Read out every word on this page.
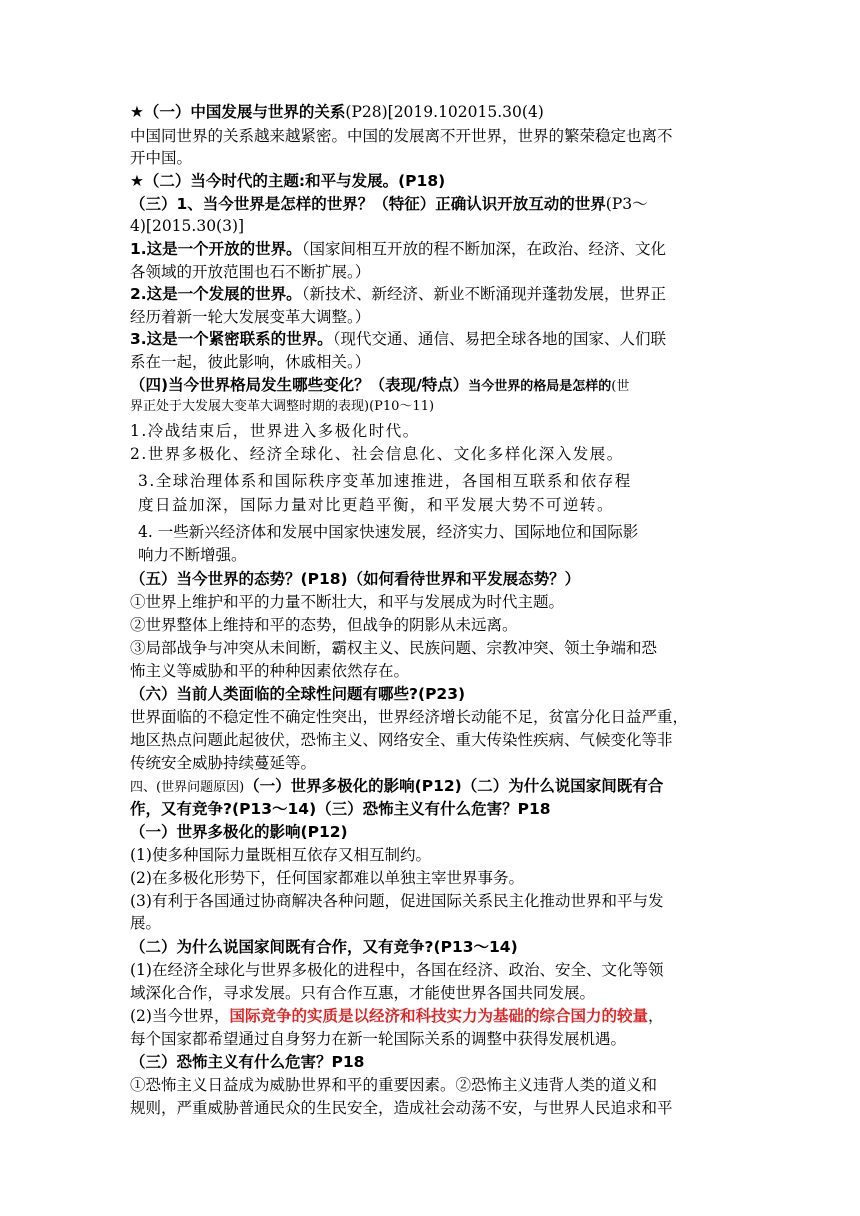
★（一）中国发展与世界的关系(P28)[2019.102015.30(4)
中国同世界的关系越来越紧密。中国的发展离不开世界，世界的繁荣稳定也离不
开中国。
★（二）当今时代的主题:和平与发展。(P18)
（三）1、当今世界是怎样的世界？（特征）正确认识开放互动的世界(P3～
4)[2015.30(3)]
1.这是一个开放的世界。（国家间相互开放的程不断加深，在政治、经济、文化
各领域的开放范围也石不断扩展。）
2.这是一个发展的世界。（新技术、新经济、新业不断涌现并蓬勃发展，世界正
经历着新一轮大发展变革大调整。）
3.这是一个紧密联系的世界。（现代交通、通信、易把全球各地的国家、人们联
系在一起，彼此影响，休戚相关。）
（四)当今世界格局发生哪些变化？（表现/特点）当今世界的格局是怎样的(世
界正处于大发展大变革大调整时期的表现)(P10～11)
1.冷战结束后，世界进入多极化时代。
2.世界多极化、经济全球化、社会信息化、文化多样化深入发展。
3.全球治理体系和国际秩序变革加速推进，各国相互联系和依存程
度日益加深，国际力量对比更趋平衡，和平发展大势不可逆转。
4. 一些新兴经济体和发展中国家快速发展，经济实力、国际地位和国际影
响力不断增强。
（五）当今世界的态势？(P18)（如何看待世界和平发展态势？）
①世界上维护和平的力量不断壮大，和平与发展成为时代主题。
②世界整体上维持和平的态势，但战争的阴影从未远离。
③局部战争与冲突从未间断，霸权主义、民族问题、宗教冲突、领土争端和恐
怖主义等威胁和平的种种因素依然存在。
（六）当前人类面临的全球性问题有哪些?(P23)
世界面临的不稳定性不确定性突出，世界经济增长动能不足，贫富分化日益严重，
地区热点问题此起彼伏，恐怖主义、网络安全、重大传染性疾病、气候变化等非
传统安全威胁持续蔓延等。
四、(世界问题原因)（一）世界多极化的影响(P12)（二）为什么说国家间既有合
作，又有竞争?(P13～14)（三）恐怖主义有什么危害？P18
（一）世界多极化的影响(P12)
(1)使多种国际力量既相互依存又相互制约。
(2)在多极化形势下，任何国家都难以单独主宰世界事务。
(3)有利于各国通过协商解决各种问题，促进国际关系民主化推动世界和平与发
展。
（二）为什么说国家间既有合作，又有竞争?(P13～14)
(1)在经济全球化与世界多极化的进程中，各国在经济、政治、安全、文化等领
域深化合作，寻求发展。只有合作互惠，才能使世界各国共同发展。
(2)当今世界，国际竞争的实质是以经济和科技实力为基础的综合国力的较量，
每个国家都希望通过自身努力在新一轮国际关系的调整中获得发展机遇。
（三）恐怖主义有什么危害？P18
①恐怖主义日益成为威胁世界和平的重要因素。②恐怖主义违背人类的道义和
规则，严重威胁普通民众的生民安全，造成社会动荡不安，与世界人民追求和平
